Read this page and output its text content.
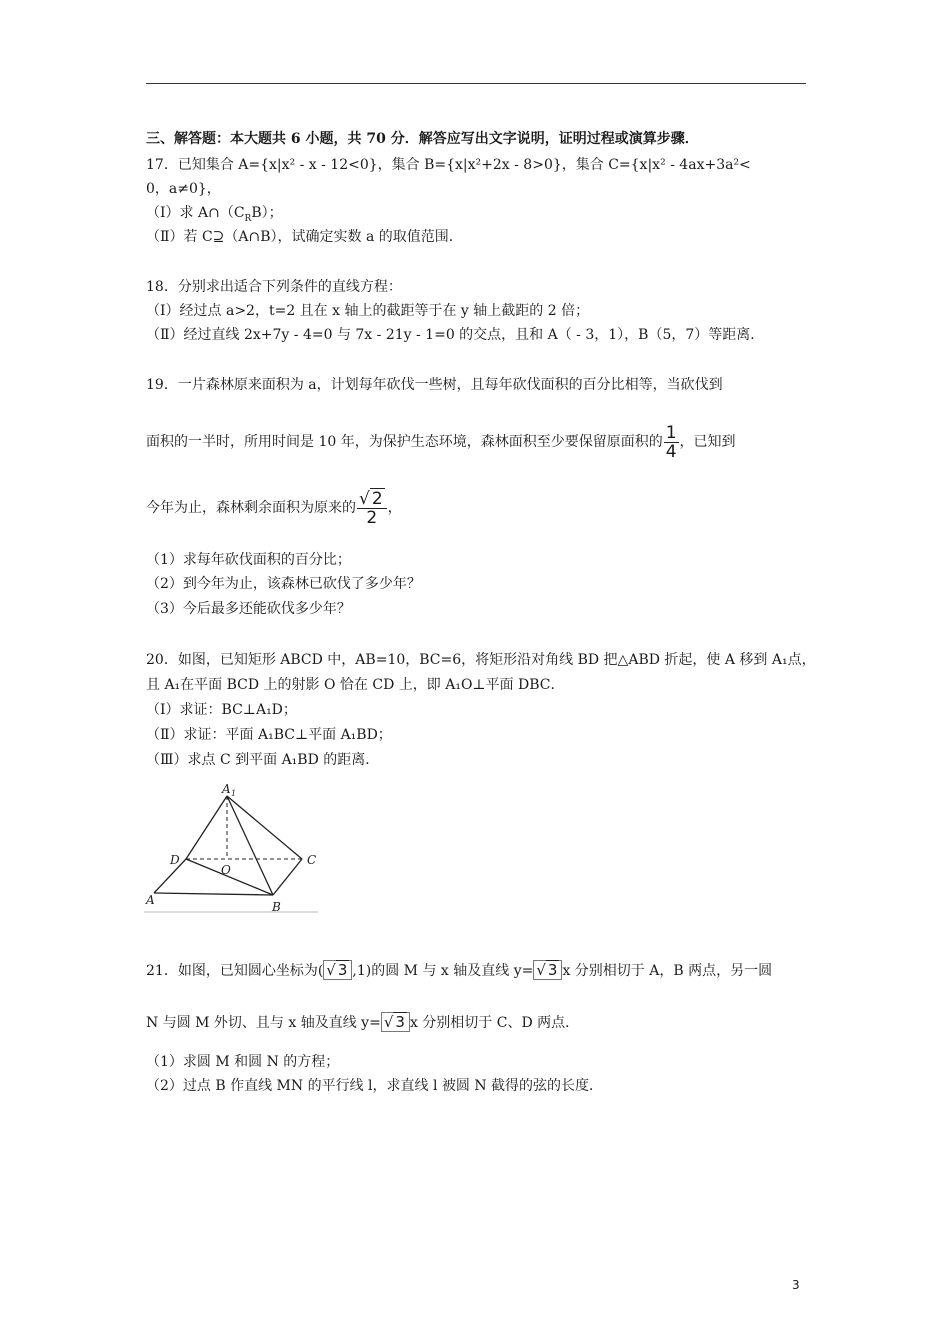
三、解答题：本大题共 6 小题，共 70 分．解答应写出文字说明，证明过程或演算步骤．
17．已知集合 A={x|x² - x - 12<0}，集合 B={x|x²+2x - 8>0}，集合 C={x|x² - 4ax+3a²<
0，a≠0}，
（Ⅰ）求 $A\cap(C_RB)$；
（Ⅱ）若 C⊇（A∩B），试确定实数 a 的取值范围．
18．分别求出适合下列条件的直线方程：
（Ⅰ）经过点 a>2，t=2 且在 x 轴上的截距等于在 y 轴上截距的 2 倍；
（Ⅱ）经过直线 2x+7y - 4=0 与 7x - 21y - 1=0 的交点，且和 A（ - 3，1），B（5，7）等距离．
19．一片森林原来面积为 a，计划每年砍伐一些树，且每年砍伐面积的百分比相等，当砍伐到
面积的一半时，所用时间是 10 年，为保护生态环境，森林面积至少要保留原面积的 $\frac{1}{4}$ ，已知到
今年为止，森林剩余面积为原来的 $\frac{√ 2}{2}$ ，
（1）求每年砍伐面积的百分比；
（2）到今年为止，该森林已砍伐了多少年？
（3）今后最多还能砍伐多少年？
20．如图，已知矩形 ABCD 中，AB=10，BC=6，将矩形沿对角线 BD 把△ABD 折起，使 A 移到 A₁点，
且 A₁在平面 BCD 上的射影 O 恰在 CD 上，即 A₁O⊥平面 DBC．
（Ⅰ）求证：BC⊥A₁D；
（Ⅱ）求证：平面 A₁BC⊥平面 A₁BD；
（Ⅲ）求点 C 到平面 A₁BD 的距离．
A 1
D
O
C
A	B
21．如图，已知圆心坐标为( √ 3 ,1)的圆 M 与 x 轴及直线 y= √ 3 x 分别相切于 A，B 两点，另一圆
N 与圆 M 外切、且与 x 轴及直线 y= √ 3 x 分别相切于 C、D 两点．
（1）求圆 M 和圆 N 的方程；
（2）过点 B 作直线 MN 的平行线 l，求直线 l 被圆 N 截得的弦的长度．
3
